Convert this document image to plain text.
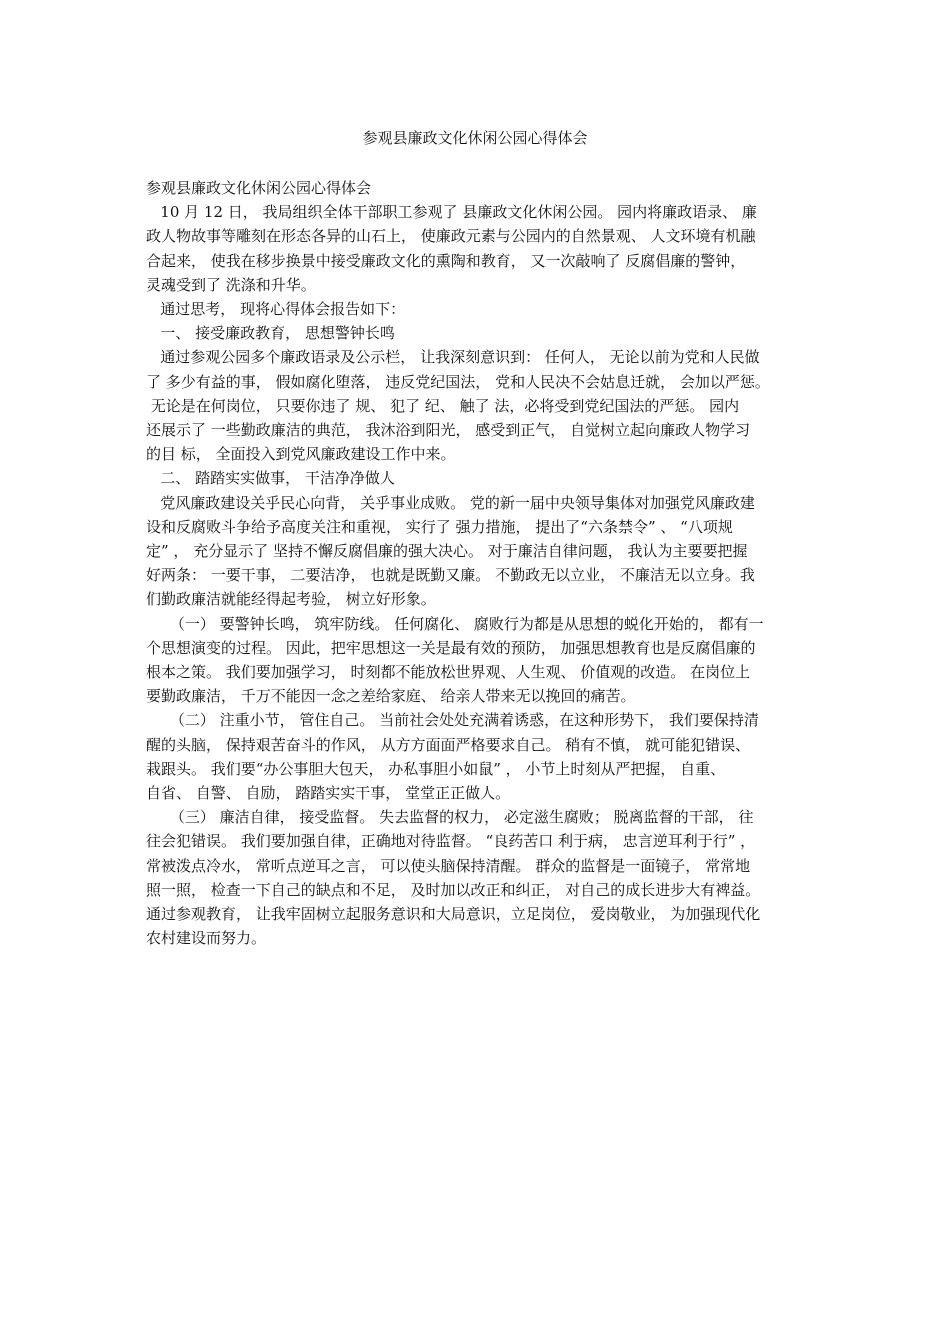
参观县廉政文化休闲公园心得体会
参观县廉政文化休闲公园心得体会
10 月 12 日， 我局组织全体干部职工参观了 县廉政文化休闲公园。 园内将廉政语录、 廉
政人物故事等雕刻在形态各异的山石上， 使廉政元素与公园内的自然景观、 人文环境有机融
合起来， 使我在移步换景中接受廉政文化的熏陶和教育， 又一次敲响了 反腐倡廉的警钟，
灵魂受到了 洗涤和升华。
通过思考， 现将心得体会报告如下：
一、 接受廉政教育， 思想警钟长鸣
通过参观公园多个廉政语录及公示栏， 让我深刻意识到： 任何人， 无论以前为党和人民做
了 多少有益的事， 假如腐化堕落， 违反党纪国法， 党和人民决不会姑息迁就， 会加以严惩。
无论是在何岗位， 只要你违了 规、 犯了 纪、 触了 法，必将受到党纪国法的严惩。 园内
还展示了 一些勤政廉洁的典范， 我沐浴到阳光， 感受到正气， 自觉树立起向廉政人物学习
的目 标， 全面投入到党风廉政建设工作中来。
二、 踏踏实实做事， 干洁净净做人
党风廉政建设关乎民心向背， 关乎事业成败。 党的新一届中央领导集体对加强党风廉政建
设和反腐败斗争给予高度关注和重视， 实行了 强力措施， 提出了“六条禁令” 、 “八项规
定” ， 充分显示了 坚持不懈反腐倡廉的强大决心。 对于廉洁自律问题， 我认为主要要把握
好两条： 一要干事， 二要洁净， 也就是既勤又廉。 不勤政无以立业， 不廉洁无以立身。我
们勤政廉洁就能经得起考验， 树立好形象。
（一） 要警钟长鸣， 筑牢防线。 任何腐化、 腐败行为都是从思想的蜕化开始的， 都有一
个思想演变的过程。 因此，把牢思想这一关是最有效的预防， 加强思想教育也是反腐倡廉的
根本之策。 我们要加强学习， 时刻都不能放松世界观、人生观、 价值观的改造。 在岗位上
要勤政廉洁， 千万不能因一念之差给家庭、 给亲人带来无以挽回的痛苦。
（二） 注重小节， 管住自己。 当前社会处处充满着诱惑，在这种形势下， 我们要保持清
醒的头脑， 保持艰苦奋斗的作风， 从方方面面严格要求自己。 稍有不慎， 就可能犯错误、
栽跟头。 我们要“办公事胆大包天， 办私事胆小如鼠” ， 小节上时刻从严把握， 自重、
自省、 自警、 自励， 踏踏实实干事， 堂堂正正做人。
（三） 廉洁自律， 接受监督。 失去监督的权力， 必定滋生腐败； 脱离监督的干部， 往
往会犯错误。 我们要加强自律，正确地对待监督。 “良药苦口 利于病， 忠言逆耳利于行” ，
常被泼点冷水， 常听点逆耳之言， 可以使头脑保持清醒。 群众的监督是一面镜子， 常常地
照一照， 检查一下自己的缺点和不足， 及时加以改正和纠正， 对自己的成长进步大有裨益。
通过参观教育， 让我牢固树立起服务意识和大局意识，立足岗位， 爱岗敬业， 为加强现代化
农村建设而努力。
